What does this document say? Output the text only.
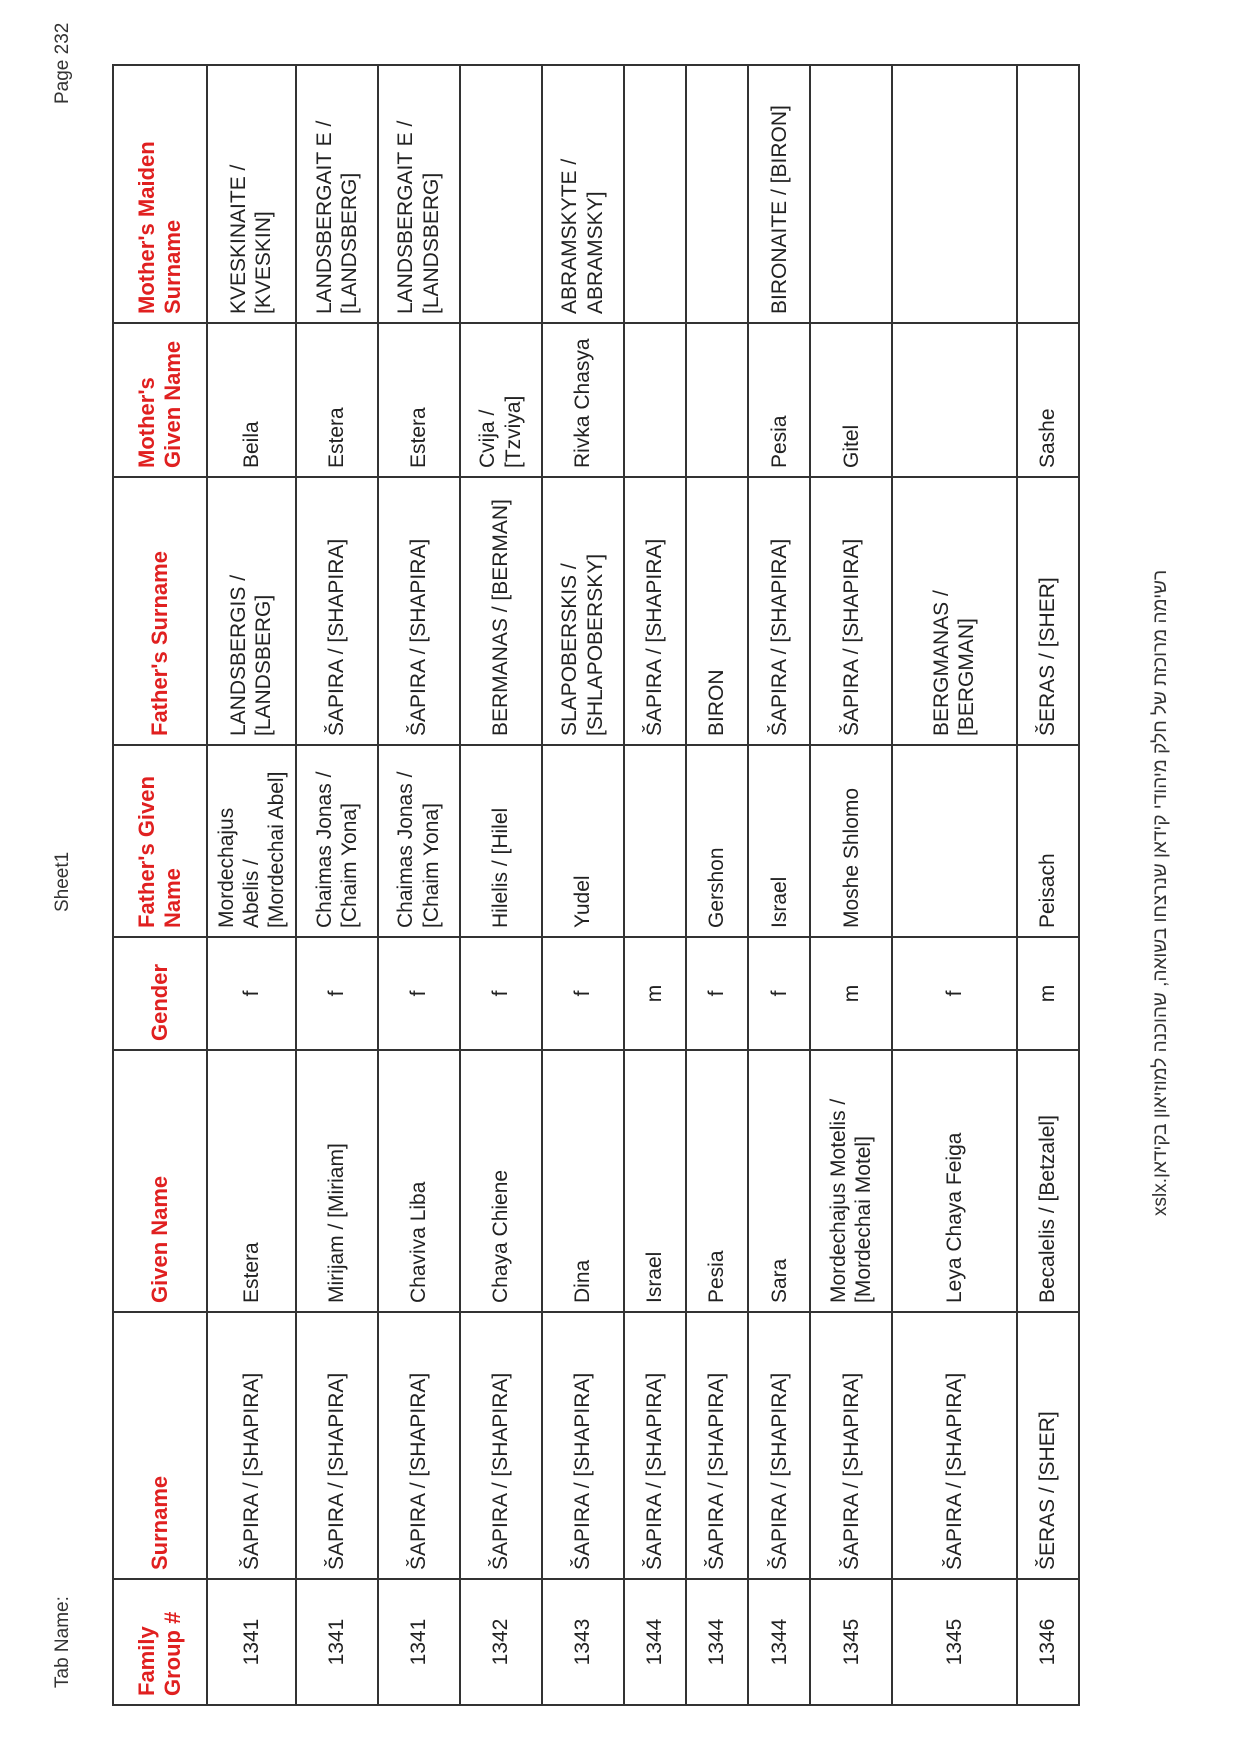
Tab Name:
Sheet1
Page 232
Family Group #	Surname	Given Name	Gender	Father's Given Name	Father's Surname	Mother's Given Name	Mother's Maiden Surname
1341	ŠAPIRA / [SHAPIRA]	Estera	f	Mordechajus Abelis / [Mordechai Abel]	LANDSBERGIS / [LANDSBERG]	Beila	KVESKINAITE / [KVESKIN]
1341	ŠAPIRA / [SHAPIRA]	Mirijam / [Miriam]	f	Chaimas Jonas / [Chaim Yona]	ŠAPIRA / [SHAPIRA]	Estera	LANDSBERGAIT E / [LANDSBERG]
1341	ŠAPIRA / [SHAPIRA]	Chaviva Liba	f	Chaimas Jonas / [Chaim Yona]	ŠAPIRA / [SHAPIRA]	Estera	LANDSBERGAIT E / [LANDSBERG]
1342	ŠAPIRA / [SHAPIRA]	Chaya Chiene	f	Hilelis / [Hilel	BERMANAS / [BERMAN]	Cvija / [Tzviya]	
1343	ŠAPIRA / [SHAPIRA]	Dina	f	Yudel	SLAPOBERSKIS / [SHLAPOBERSKY]	Rivka Chasya	ABRAMSKYTE / ABRAMSKY]
1344	ŠAPIRA / [SHAPIRA]	Israel	m		ŠAPIRA / [SHAPIRA]		
1344	ŠAPIRA / [SHAPIRA]	Pesia	f	Gershon	BIRON		
1344	ŠAPIRA / [SHAPIRA]	Sara	f	Israel	ŠAPIRA / [SHAPIRA]	Pesia	BIRONAITE / [BIRON]
1345	ŠAPIRA / [SHAPIRA]	Mordechajus Motelis / [Mordechai Motel]	m	Moshe Shlomo	ŠAPIRA / [SHAPIRA]	Gitel	
1345	ŠAPIRA / [SHAPIRA]	Leya Chaya Feiga	f		BERGMANAS / [BERGMAN]		
1346	ŠERAS / [SHER]	Becalelis / [Betzalel]	m	Peisach	ŠERAS / [SHER]	Sashe	
רשימה מרוכזת של חלק מיהודי קידאן שנרצחו בשואה, שהוכנה למוזיאון בקידאן.xslx
